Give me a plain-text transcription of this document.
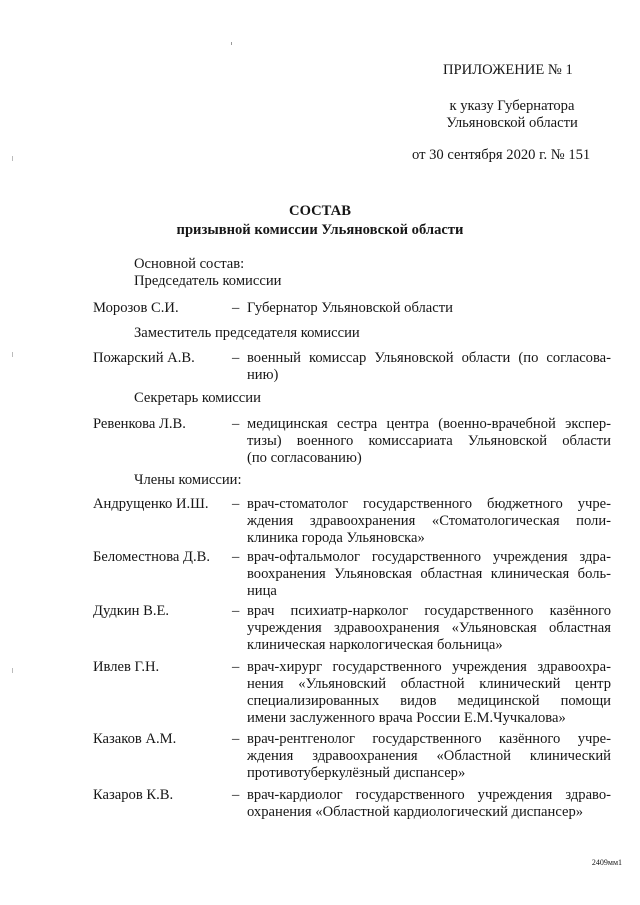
ПРИЛОЖЕНИЕ № 1
к указу Губернатора
Ульяновской области
от 30 сентября 2020 г. № 151
СОСТАВ
призывной комиссии Ульяновской области
Основной состав:
Председатель комиссии
Морозов С.И.	– Губернатор Ульяновской области
Заместитель председателя комиссии
Пожарский А.В.	– военный комиссар Ульяновской области (по согласова-
нию)
Секретарь комиссии
Ревенкова Л.В.	– медицинская сестра центра (военно-врачебной экспер-
тизы) военного комиссариата Ульяновской области
(по согласованию)
Члены комиссии:
Андрущенко И.Ш. – врач-стоматолог государственного бюджетного учре-
ждения здравоохранения «Стоматологическая поли-
клиника города Ульяновска»
Беломестнова Д.В. – врач-офтальмолог государственного учреждения здра-
воохранения Ульяновская областная клиническая боль-
ница
Дудкин В.Е.	– врач психиатр-нарколог государственного казённого
учреждения здравоохранения «Ульяновская областная
клиническая наркологическая больница»
Ивлев Г.Н.	– врач-хирург государственного учреждения здравоохра-
нения «Ульяновский областной клинический центр
специализированных видов медицинской помощи
имени заслуженного врача России Е.М.Чучкалова»
Казаков А.М.	– врач-рентгенолог государственного казённого учре-
ждения здравоохранения «Областной клинический
противотуберкулёзный диспансер»
Казаров К.В.	– врач-кардиолог государственного учреждения здраво-
охранения «Областной кардиологический диспансер»
2409мм1
